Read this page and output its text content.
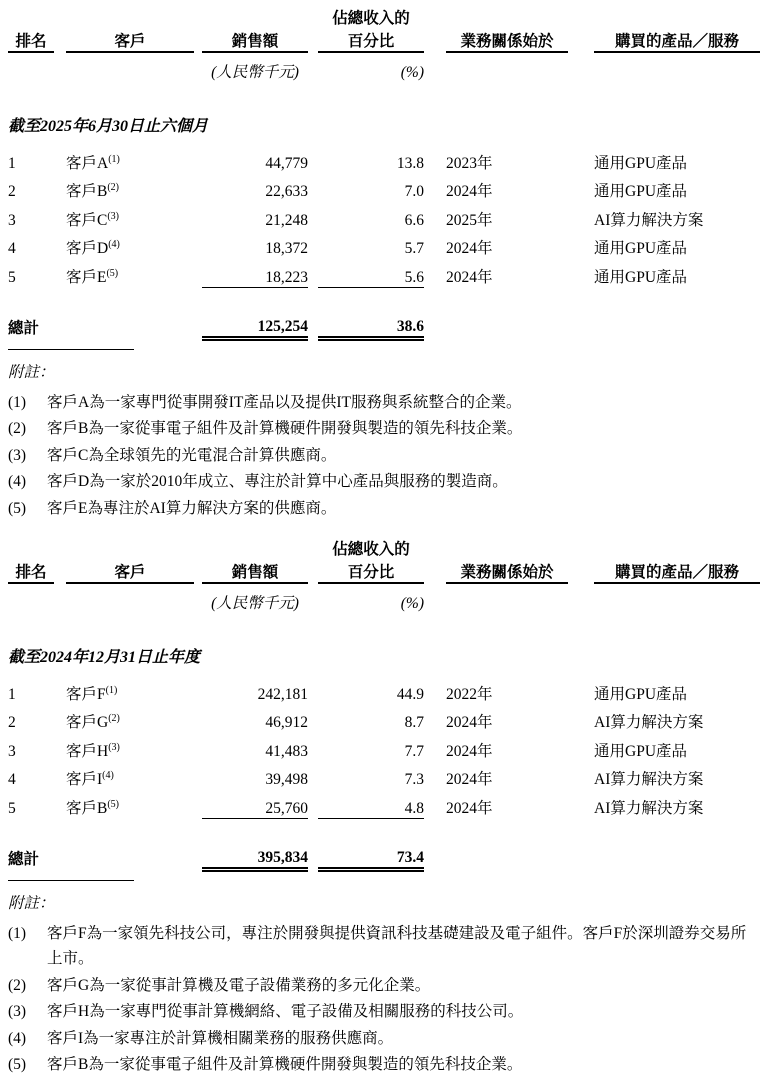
						佔總收入的				
排名		客戶		銷售額		百分比		業務關係始於		購買的產品／服務
				(人民幣千元)		(%)				

截至2025年6月30日止六個月										

1		客戶$A^{(1)}$		44,779		13.8		2023年		通用GPU產品
2		客戶$B^{(2)}$		22,633		7.0		2024年		通用GPU產品
3		客戶$C^{(3)}$		21,248		6.6		2025年		AI算力解決方案
4		客戶$D^{(4)}$		18,372		5.7		2024年		通用GPU產品
5		客戶$E^{(5)}$		18,223		5.6		2024年		通用GPU產品

總計				125,254		38.6				
附註：
(1)	客戶A為一家專門從事開發IT產品以及提供IT服務與系統整合的企業。
(2)	客戶B為一家從事電子組件及計算機硬件開發與製造的領先科技企業。
(3)	客戶C為全球領先的光電混合計算供應商。
(4)	客戶D為一家於2010年成立、專注於計算中心產品與服務的製造商。
(5)	客戶E為專注於AI算力解決方案的供應商。
						佔總收入的				
排名		客戶		銷售額		百分比		業務關係始於		購買的產品／服務
				(人民幣千元)		(%)				

截至2024年12月31日止年度										

1		客戶$F^{(1)}$		242,181		44.9		2022年		通用GPU產品
2		客戶$G^{(2)}$		46,912		8.7		2024年		AI算力解決方案
3		客戶$H^{(3)}$		41,483		7.7		2024年		通用GPU產品
4		客戶$I^{(4)}$		39,498		7.3		2024年		AI算力解決方案
5		客戶$B^{(5)}$		25,760		4.8		2024年		AI算力解決方案

總計				395,834		73.4				
附註：
(1)	客戶F為一家領先科技公司，專注於開發與提供資訊科技基礎建設及電子組件。客戶F於深圳證券交易所上市。
(2)	客戶G為一家從事計算機及電子設備業務的多元化企業。
(3)	客戶H為一家專門從事計算機網絡、電子設備及相關服務的科技公司。
(4)	客戶I為一家專注於計算機相關業務的服務供應商。
(5)	客戶B為一家從事電子組件及計算機硬件開發與製造的領先科技企業。
